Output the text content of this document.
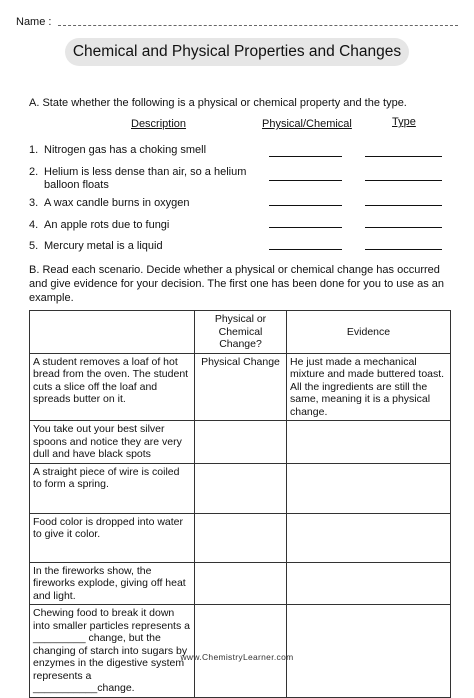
Name :
Chemical and Physical Properties and Changes
A. State whether the following is a physical or chemical property and the type.
Description	Physical/Chemical	Type
1. Nitrogen gas has a choking smell
2. Helium is less dense than air, so a helium balloon floats
3. A wax candle burns in oxygen
4. An apple rots due to fungi
5. Mercury metal is a liquid
B. Read each scenario. Decide whether a physical or chemical change has occurred and give evidence for your decision. The first one has been done for you to use as an example.
	Physical or Chemical Change?	Evidence
A student removes a loaf of hot bread from the oven. The student cuts a slice off the loaf and spreads butter on it.	Physical Change	He just made a mechanical mixture and made buttered toast. All the ingredients are still the same, meaning it is a physical change.
You take out your best silver spoons and notice they are very dull and have black spots		
A straight piece of wire is coiled to form a spring.		
Food color is dropped into water to give it color.		
In the fireworks show, the fireworks explode, giving off heat and light.		
Chewing food to break it down into smaller particles represents a _________ change, but the changing of starch into sugars by enzymes in the digestive system represents a ___________change.		
www.ChemistryLearner.com
